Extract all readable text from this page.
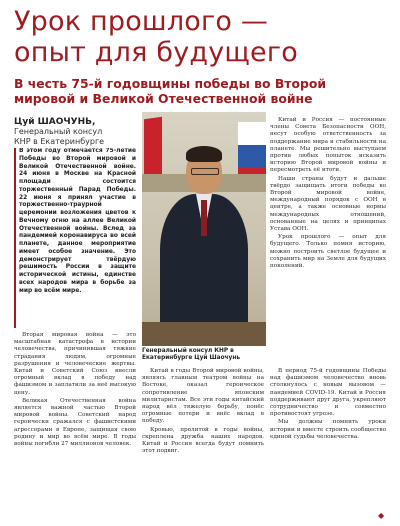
Урок прошлого —
опыт для будущего
В честь 75-й годовщины победы во Второй мировой и Великой Отечественной войне
Цуй ШАОЧУНЬ,
Генеральный консул
КНР в Екатеринбурге

В этом году отмечается 75-летие Победы во Второй мировой и Великой Отечественной войне. 24 июня в Москве на Красной площади состоится торжественный Парад Победы. 22 июня я принял участие в торжественно-траурной церемонии возложения цветов к Вечному огню на аллее Великой Отечественной войны. Вслед за пандемией коронавируса во всей планете, данное мероприятие имеет особое значение. Это демонстрирует твёрдую решимость России в защите исторической истины, единстве всех народов мира в борьбе за мир во всём мире.

Генеральный консул КНР в Екатеринбурге Цуй Шаочунь

Вторая мировая война — это масштабная катастрофа в истории человечества, причинившая тяжкие страдания людям, огромные разрушения и человеческие жертвы. Китай и Советский Союз внесли огромный вклад в победу над фашизмом и заплатили за неё высокую цену.

Великая Отечественная война является важной частью Второй мировой войны. Советский народ героически сражался с фашистскими агрессорами в Европе, защищая свою родину и мир во всём мире. В годы войны погибли 27 миллионов человек.

Китай в годы Второй мировой войны, являясь главным театром войны на Востоке, оказал героическое сопротивление японским милитаристам. Все эти годы китайский народ вёл тяжелую борьбу, понёс огромные потери и внёс вклад в победу.

Кровью, пролитой в годы войны, скреплена дружба наших народов. Китай и Россия всегда будут помнить этот подвиг.

Китай и Россия — постоянные члены Совета Безопасности ООН, несут особую ответственность за поддержание мира и стабильности на планете. Мы решительно выступаем против любых попыток исказить историю Второй мировой войны и пересмотреть её итоги.

Наши страны будут и дальше твёрдо защищать итоги победы во Второй мировой войне, международный порядок с ООН в центре, а также основные нормы международных отношений, основанные на целях и принципах Устава ООН.

Урок прошлого — опыт для будущего. Только помня историю, можно построить светлое будущее и сохранить мир на Земле для будущих поколений.

В период 75-й годовщины Победы над фашизмом человечество вновь столкнулось с новым вызовом — пандемией COVID-19. Китай и Россия поддерживают друг друга, укрепляют сотрудничество и совместно противостоят угрозе.

Мы должны помнить уроки истории и вместе строить сообщество единой судьбы человечества.

◆
